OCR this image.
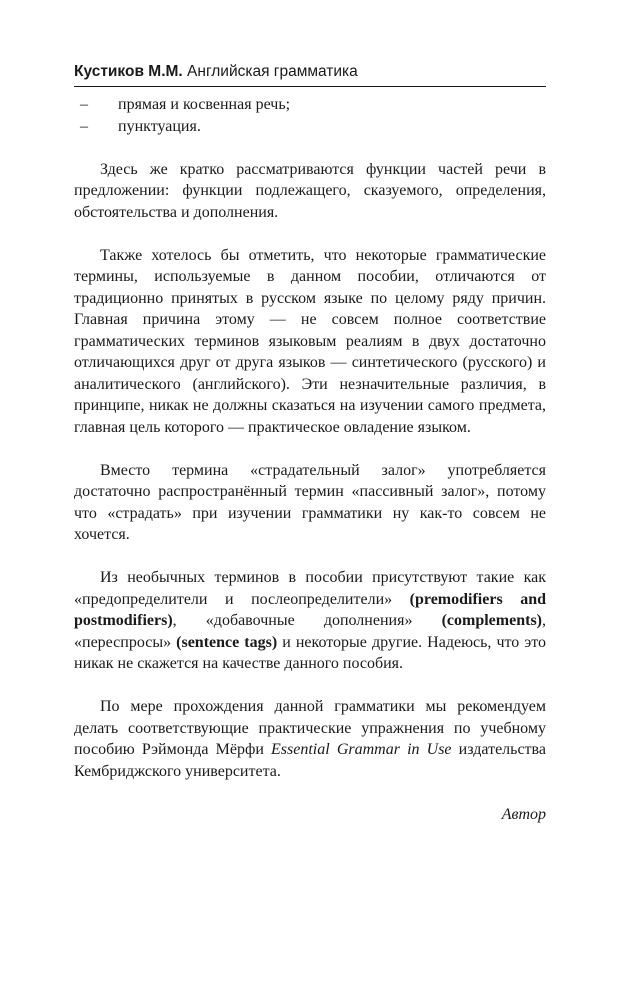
Кустиков М.М. Английская грамматика
– прямая и косвенная речь;
– пунктуация.

Здесь же кратко рассматриваются функции частей речи в предложении: функции подлежащего, сказуемого, определения, обстоятельства и дополнения.

Также хотелось бы отметить, что некоторые грамматические термины, используемые в данном пособии, отличаются от традиционно принятых в русском языке по целому ряду причин. Главная причина этому — не совсем полное соответствие грамматических терминов языковым реалиям в двух достаточно отличающихся друг от друга языков — синтетического (русского) и аналитического (английского). Эти незначительные различия, в принципе, никак не должны сказаться на изучении самого предмета, главная цель которого — практическое овладение языком.

Вместо термина «страдательный залог» употребляется достаточно распространённый термин «пассивный залог», потому что «страдать» при изучении грамматики ну как-то совсем не хочется.

Из необычных терминов в пособии присутствуют такие как «предопределители и послеопределители» (premodifiers and postmodifiers), «добавочные дополнения» (complements), «переспросы» (sentence tags) и некоторые другие. Надеюсь, что это никак не скажется на качестве данного пособия.

По мере прохождения данной грамматики мы рекомендуем делать соответствующие практические упражнения по учебному пособию Рэймонда Мёрфи Essential Grammar in Use издательства Кембриджского университета.

Автор
